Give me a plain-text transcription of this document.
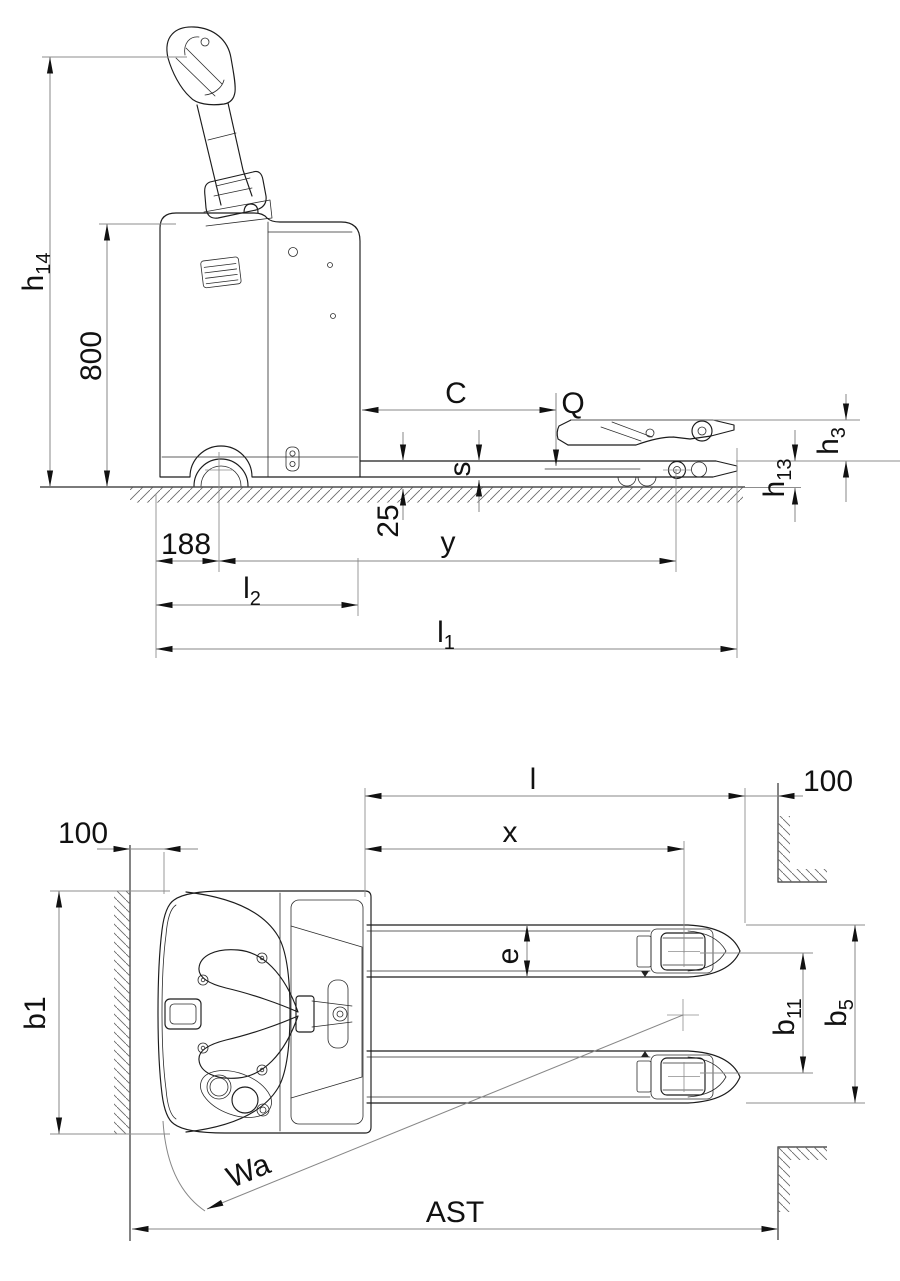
$h_{14}$
800
C	Q
s
25
$h_3$
$h_{13}$
188	y
$l_2$
$l_1$
l	100
x
100
b1
e
$b_{11}$ $b_5$
Wa
AST
